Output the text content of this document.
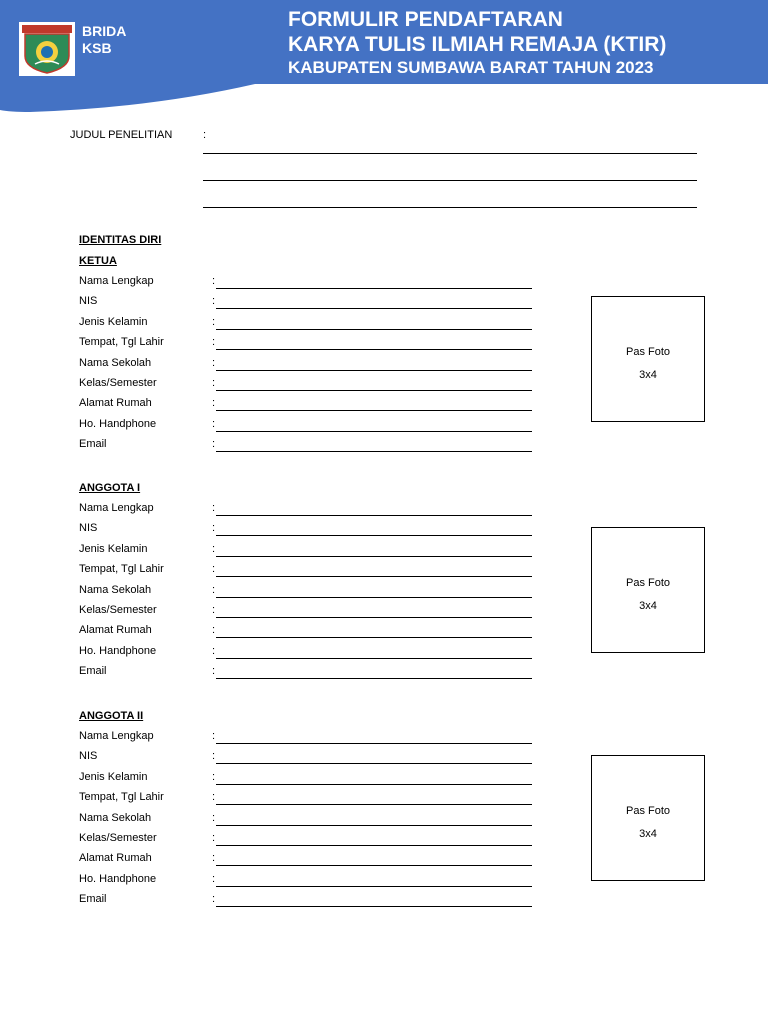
BRIDA
KSB
FORMULIR PENDAFTARAN
KARYA TULIS ILMIAH REMAJA (KTIR)
KABUPATEN SUMBAWA BARAT TAHUN 2023
JUDUL PENELITIAN	:
IDENTITAS DIRI
KETUA
Nama Lengkap	:
NIS	:
Jenis Kelamin	:
Tempat, Tgl Lahir	:
Nama Sekolah	:
Kelas/Semester	:
Alamat Rumah	:
Ho. Handphone	:
Email	:
Pas Foto
3x4
ANGGOTA I
Nama Lengkap	:
NIS	:
Jenis Kelamin	:
Tempat, Tgl Lahir	:
Nama Sekolah	:
Kelas/Semester	:
Alamat Rumah	:
Ho. Handphone	:
Email	:
Pas Foto
3x4
ANGGOTA II
Nama Lengkap	:
NIS	:
Jenis Kelamin	:
Tempat, Tgl Lahir	:
Nama Sekolah	:
Kelas/Semester	:
Alamat Rumah	:
Ho. Handphone	:
Email	:
Pas Foto
3x4
